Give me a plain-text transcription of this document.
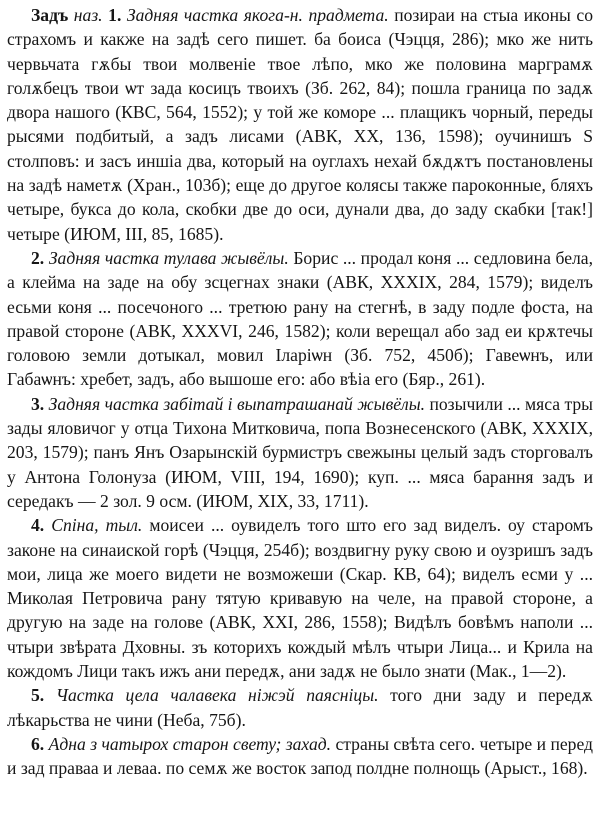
Задъ наз. 1. Задняя частка якога-н. прадмета. позираи на стыа иконы со страхомъ и какже на задѣ сего пишет. ба боиса (Чэцця, 286); мко же нить червьчата гѫбы твои молвеніе твое лѣпо, мко же половина марграмѫ голѫбецъ твои ѡт зада косицъ твоихъ (Зб. 262, 84); пошла граница по задѫ двора нашого (КВС, 564, 1552); у той же коморе ... плащикъ чорный, переды рысями подбитый, а задъ лисами (АВК, XX, 136, 1598); оучинишъ Ѕ столповъ: и засъ иншіа два, который на оуглахъ нехай бѫдѫтъ постановлены на задѣ наметѫ (Хран., 103б); еще до другое колясы также пароконные, бляхъ четыре, букса до кола, скобки две до оси, дунали два, до заду скабки [так!] четыре (ИЮМ, III, 85, 1685).

2. Задняя частка тулава жывёлы. Борис ... продал коня ... седловина бела, а клейма на заде на обу зсцегнах знаки (АВК, XXXIX, 284, 1579); виделъ есьми коня ... посечоного ... третюю рану на стегнѣ, в заду подле фоста, на правой стороне (АВК, XXXVI, 246, 1582); коли верещал або зад еи крѫтечы головою земли дотыкал, мовил Іларіѡн (Зб. 752, 450б); Гавеѡнъ, или Габаѡнъ: хребет, задъ, або вышоше его: або вѣіа его (Бяр., 261).

3. Задняя частка забітай і выпатрашанай жывёлы. позычили ... мяса тры зады яловичог у отца Тихона Митковича, попа Вознесенского (АВК, XXXIX, 203, 1579); панъ Янъ Озарынскій бурмистръ свежыны целый задъ сторговалъ у Антона Голонуза (ИЮМ, VIII, 194, 1690); куп. ... мяса барання задъ и середакъ — 2 зол. 9 осм. (ИЮМ, XIX, 33, 1711).

4. Спіна, тыл. моисеи ... оувиделъ того што его зад виделъ. оу старомъ законе на синаиской горѣ (Чэцця, 254б); воздвигну руку свою и оузришъ задъ мои, лица же моего видети не возможеши (Скар. КВ, 64); виделъ есми у ... Миколая Петровича рану тятую кривавую на челе, на правой стороне, а другую на заде на голове (АВК, XXI, 286, 1558); Видѣлъ бовѣмъ наполи ... чтыри звѣрата Дховны. зъ которихъ кождый мѣлъ чтыри Лица... и Крила на кождомъ Лици такъ ижъ ани передѫ, ани задѫ не было знати (Мак., 1—2).

5. Частка цела чалавека ніжэй паясніцы. того дни заду и передѫ лѣкарьства не чини (Неба, 75б).

6. Адна з чатырох старон свету; захад. страны свѣта сего. четыре и перед и зад праваа и леваа. по семѫ же восток запод полдне полнощь (Арыст., 168).
